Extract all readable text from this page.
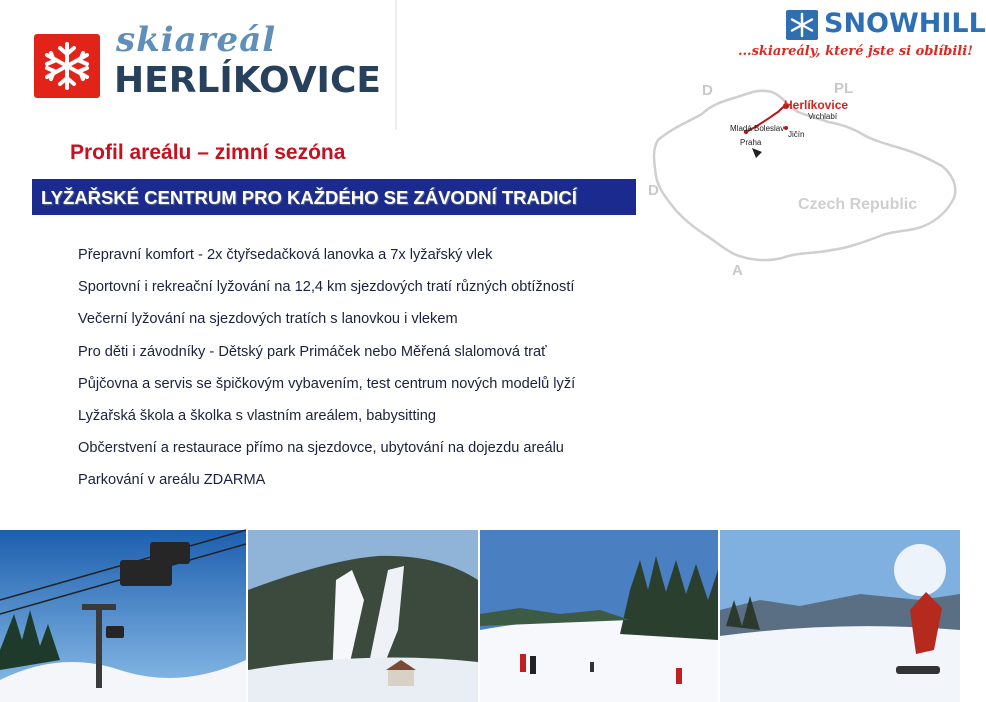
skiareál
HERLÍKOVICE
SNOWHILL
...skiareály, které jste si oblíbili!
D	PL
D
A
Czech Republic
Herlíkovice
Vrchlabí
Mladá Boleslav
Jičín
Praha
Profil areálu – zimní sezóna
LYŽAŘSKÉ CENTRUM PRO KAŽDÉHO SE ZÁVODNÍ TRADICÍ
Přepravní komfort - 2x čtyřsedačková lanovka a 7x lyžařský vlek
Sportovní i rekreační lyžování na 12,4 km sjezdových tratí různých obtížností
Večerní lyžování na sjezdových tratích s lanovkou i vlekem
Pro děti i závodníky - Dětský park Primáček nebo Měřená slalomová trať
Půjčovna a servis se špičkovým vybavením, test centrum nových modelů lyží
Lyžařská škola a školka s vlastním areálem, babysitting
Občerstvení a restaurace přímo na sjezdovce, ubytování na dojezdu areálu
Parkování v areálu ZDARMA
